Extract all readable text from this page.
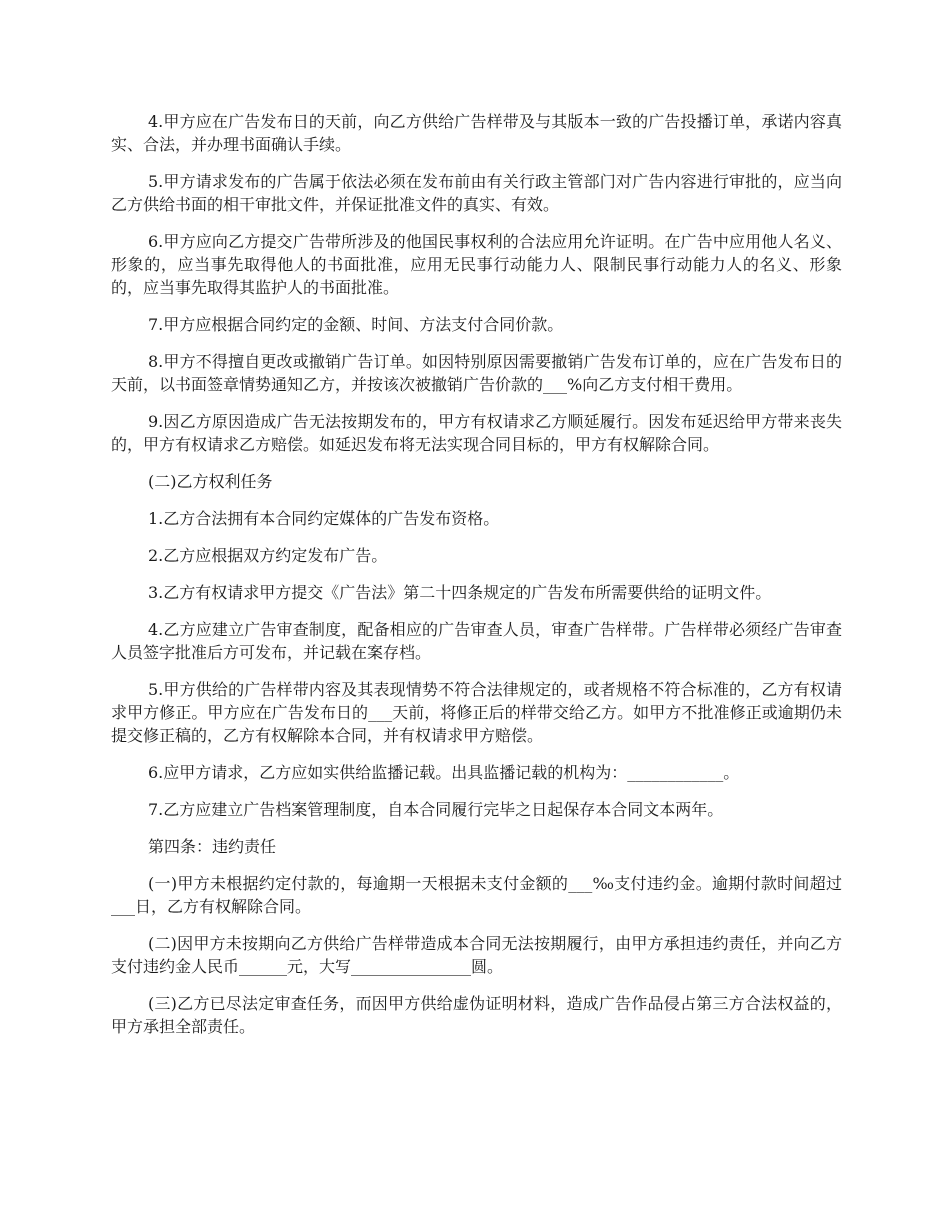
4.甲方应在广告发布日的天前，向乙方供给广告样带及与其版本一致的广告投播订单，承诺内容真实、合法，并办理书面确认手续。

5.甲方请求发布的广告属于依法必须在发布前由有关行政主管部门对广告内容进行审批的，应当向乙方供给书面的相干审批文件，并保证批准文件的真实、有效。

6.甲方应向乙方提交广告带所涉及的他国民事权利的合法应用允许证明。在广告中应用他人名义、形象的，应当事先取得他人的书面批准，应用无民事行动能力人、限制民事行动能力人的名义、形象的，应当事先取得其监护人的书面批准。

7.甲方应根据合同约定的金额、时间、方法支付合同价款。

8.甲方不得擅自更改或撤销广告订单。如因特别原因需要撤销广告发布订单的，应在广告发布日的天前，以书面签章情势通知乙方，并按该次被撤销广告价款的___%向乙方支付相干费用。

9.因乙方原因造成广告无法按期发布的，甲方有权请求乙方顺延履行。因发布延迟给甲方带来丧失的，甲方有权请求乙方赔偿。如延迟发布将无法实现合同目标的，甲方有权解除合同。

(二)乙方权利任务

1.乙方合法拥有本合同约定媒体的广告发布资格。

2.乙方应根据双方约定发布广告。

3.乙方有权请求甲方提交《广告法》第二十四条规定的广告发布所需要供给的证明文件。

4.乙方应建立广告审查制度，配备相应的广告审查人员，审查广告样带。广告样带必须经广告审查人员签字批准后方可发布，并记载在案存档。

5.甲方供给的广告样带内容及其表现情势不符合法律规定的，或者规格不符合标准的，乙方有权请求甲方修正。甲方应在广告发布日的___天前，将修正后的样带交给乙方。如甲方不批准修正或逾期仍未提交修正稿的，乙方有权解除本合同，并有权请求甲方赔偿。

6.应甲方请求，乙方应如实供给监播记载。出具监播记载的机构为：____________。

7.乙方应建立广告档案管理制度，自本合同履行完毕之日起保存本合同文本两年。

第四条：违约责任

(一)甲方未根据约定付款的，每逾期一天根据未支付金额的___‰支付违约金。逾期付款时间超过___日，乙方有权解除合同。

(二)因甲方未按期向乙方供给广告样带造成本合同无法按期履行，由甲方承担违约责任，并向乙方支付违约金人民币______元，大写_______________圆。

(三)乙方已尽法定审查任务，而因甲方供给虚伪证明材料，造成广告作品侵占第三方合法权益的，甲方承担全部责任。
